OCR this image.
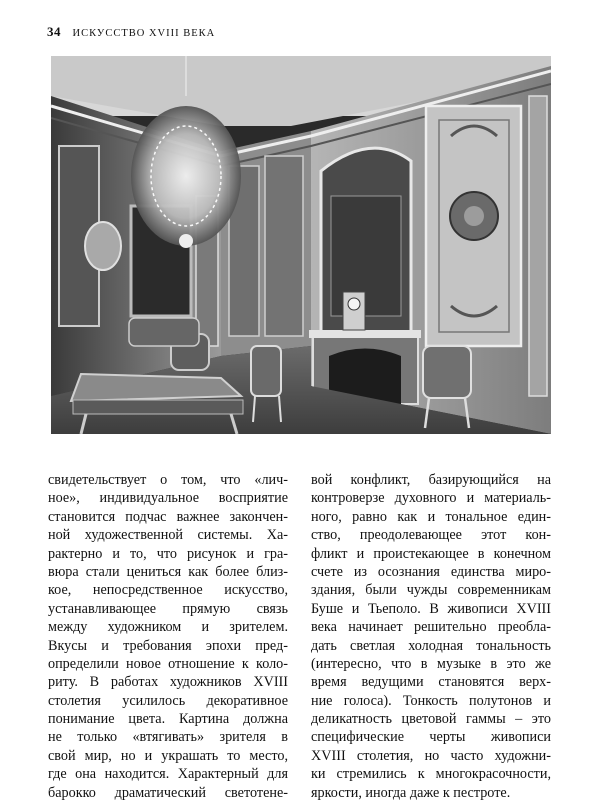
34 ИСКУССТВО XVIII ВЕКА
свидетельствует о том, что «лич-
ное», индивидуальное восприятие
становится подчас важнее закончен-
ной художественной системы. Ха-
рактерно и то, что рисунок и гра-
вюра стали цениться как более близ-
кое, непосредственное искусство,
устанавливающее прямую связь
между художником и зрителем.
Вкусы и требования эпохи пред-
определили новое отношение к коло-
риту. В работах художников XVIII
столетия усилилось декоративное
понимание цвета. Картина должна
не только «втягивать» зрителя в
свой мир, но и украшать то место,
где она находится. Характерный для
барокко драматический светотене-
вой конфликт, базирующийся на
контроверзе духовного и материаль-
ного, равно как и тональное един-
ство, преодолевающее этот кон-
фликт и проистекающее в конечном
счете из осознания единства миро-
здания, были чужды современникам
Буше и Тьеполо. В живописи XVIII
века начинает решительно преобла-
дать светлая холодная тональность
(интересно, что в музыке в это же
время ведущими становятся верх-
ние голоса). Тонкость полутонов и
деликатность цветовой гаммы – это
специфические черты живописи
XVIII столетия, но часто художни-
ки стремились к многокрасочности,
яркости, иногда даже к пестроте.
